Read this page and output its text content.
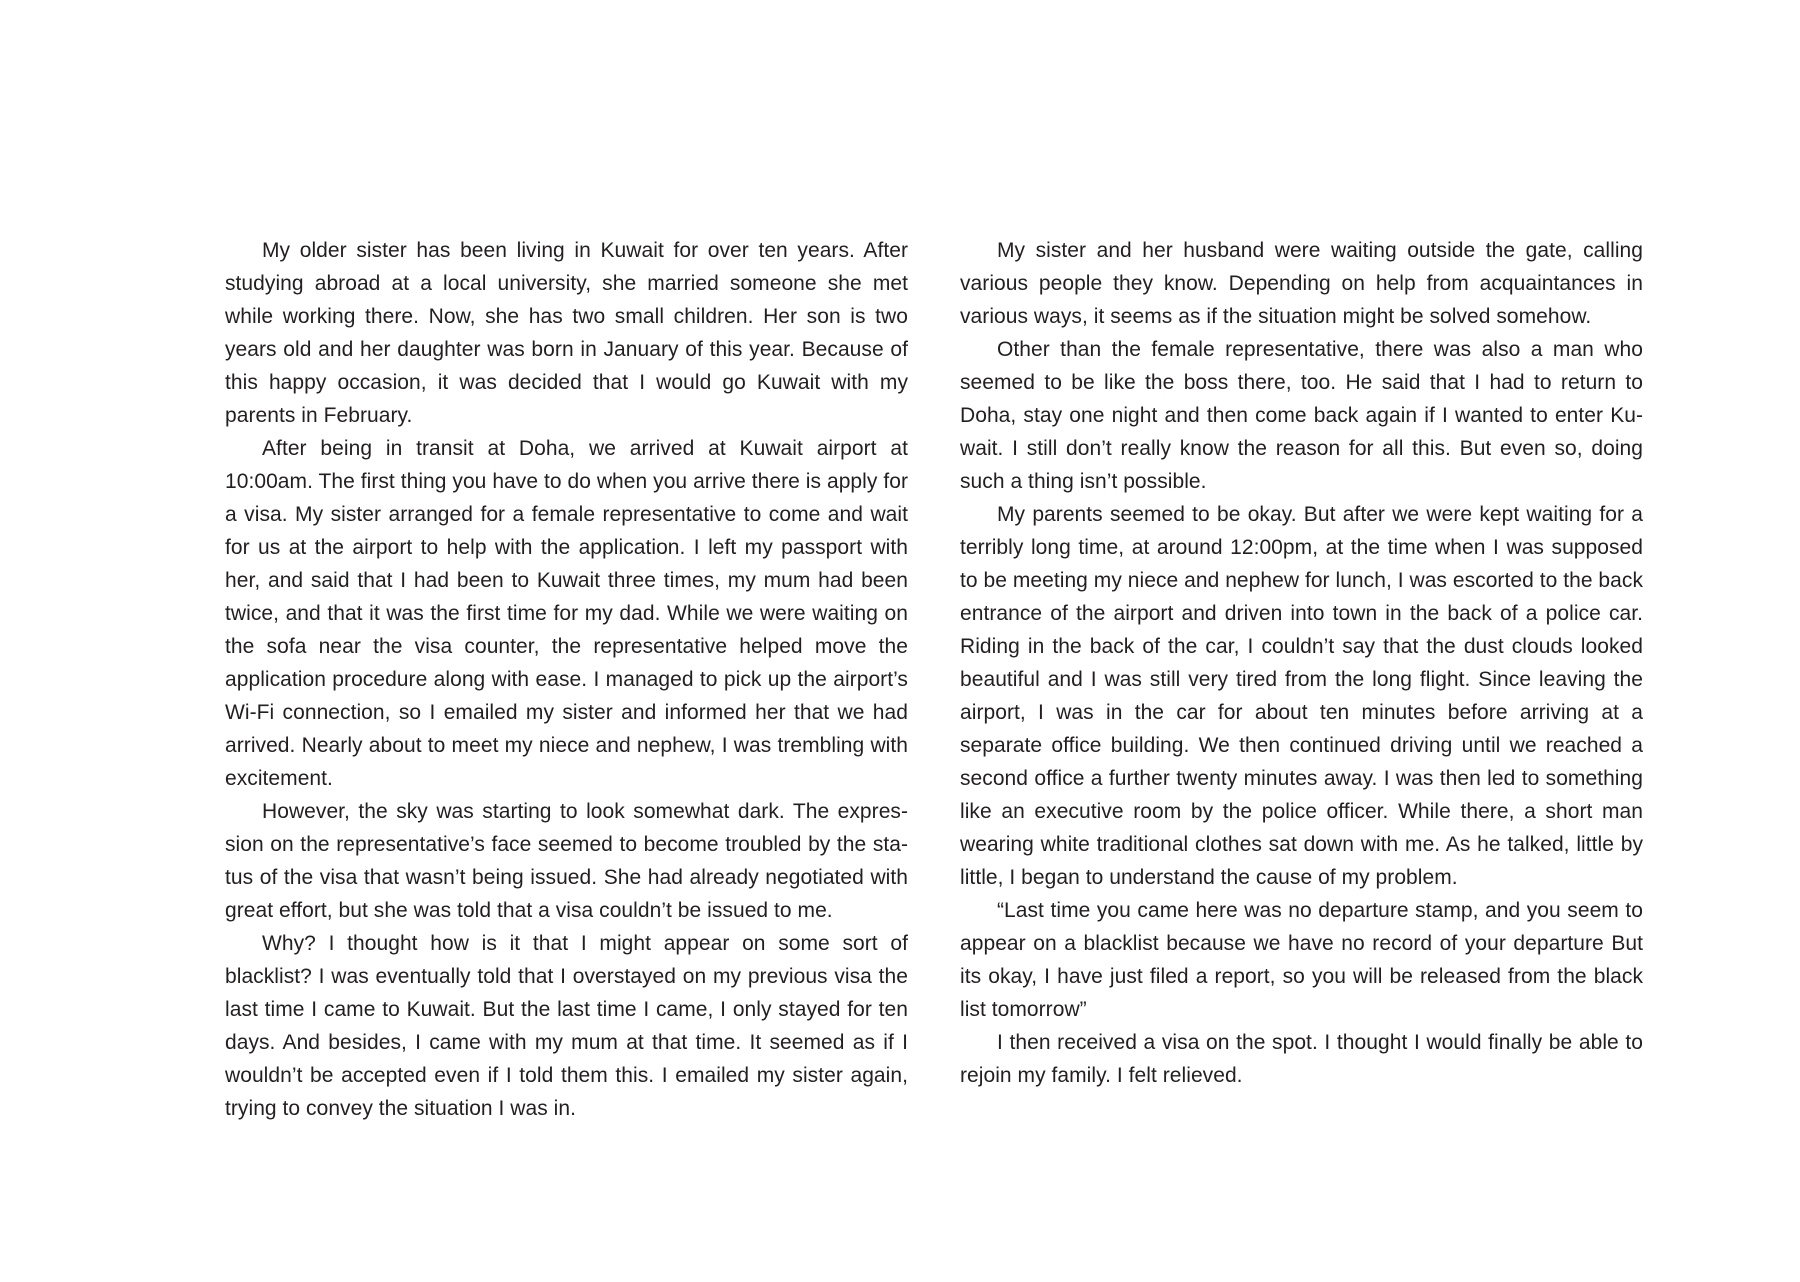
My older sister has been living in Kuwait for over ten years. After studying abroad at a local university, she married someone she met while working there. Now, she has two small children. Her son is two years old and her daughter was born in January of this year. Because of this happy occasion, it was decided that I would go Kuwait with my parents in February.

After being in transit at Doha, we arrived at Kuwait airport at 10:00am. The first thing you have to do when you arrive there is apply for a visa. My sister arranged for a female representative to come and wait for us at the airport to help with the application. I left my passport with her, and said that I had been to Kuwait three times, my mum had been twice, and that it was the first time for my dad. While we were waiting on the sofa near the visa counter, the representative helped move the application procedure along with ease. I managed to pick up the airport’s Wi-Fi connection, so I emailed my sister and informed her that we had arrived. Nearly about to meet my niece and nephew, I was trembling with excitement.

However, the sky was starting to look somewhat dark. The expression on the representative’s face seemed to become troubled by the status of the visa that wasn’t being issued. She had already negotiated with great effort, but she was told that a visa couldn’t be issued to me.

Why? I thought how is it that I might appear on some sort of blacklist? I was eventually told that I overstayed on my previous visa the last time I came to Kuwait. But the last time I came, I only stayed for ten days. And besides, I came with my mum at that time. It seemed as if I wouldn’t be accepted even if I told them this. I emailed my sister again, trying to convey the situation I was in.

My sister and her husband were waiting outside the gate, calling various people they know. Depending on help from acquaintances in various ways, it seems as if the situation might be solved somehow.

Other than the female representative, there was also a man who seemed to be like the boss there, too. He said that I had to return to Doha, stay one night and then come back again if I wanted to enter Kuwait. I still don’t really know the reason for all this. But even so, doing such a thing isn’t possible.

My parents seemed to be okay. But after we were kept waiting for a terribly long time, at around 12:00pm, at the time when I was supposed to be meeting my niece and nephew for lunch, I was escorted to the back entrance of the airport and driven into town in the back of a police car. Riding in the back of the car, I couldn’t say that the dust clouds looked beautiful and I was still very tired from the long flight. Since leaving the airport, I was in the car for about ten minutes before arriving at a separate office building. We then continued driving until we reached a second office a further twenty minutes away. I was then led to something like an executive room by the police officer. While there, a short man wearing white traditional clothes sat down with me. As he talked, little by little, I began to understand the cause of my problem.

“Last time you came here was no departure stamp, and you seem to appear on a blacklist because we have no record of your departure But its okay, I have just filed a report, so you will be released from the black list tomorrow”

I then received a visa on the spot. I thought I would finally be able to rejoin my family. I felt relieved.
